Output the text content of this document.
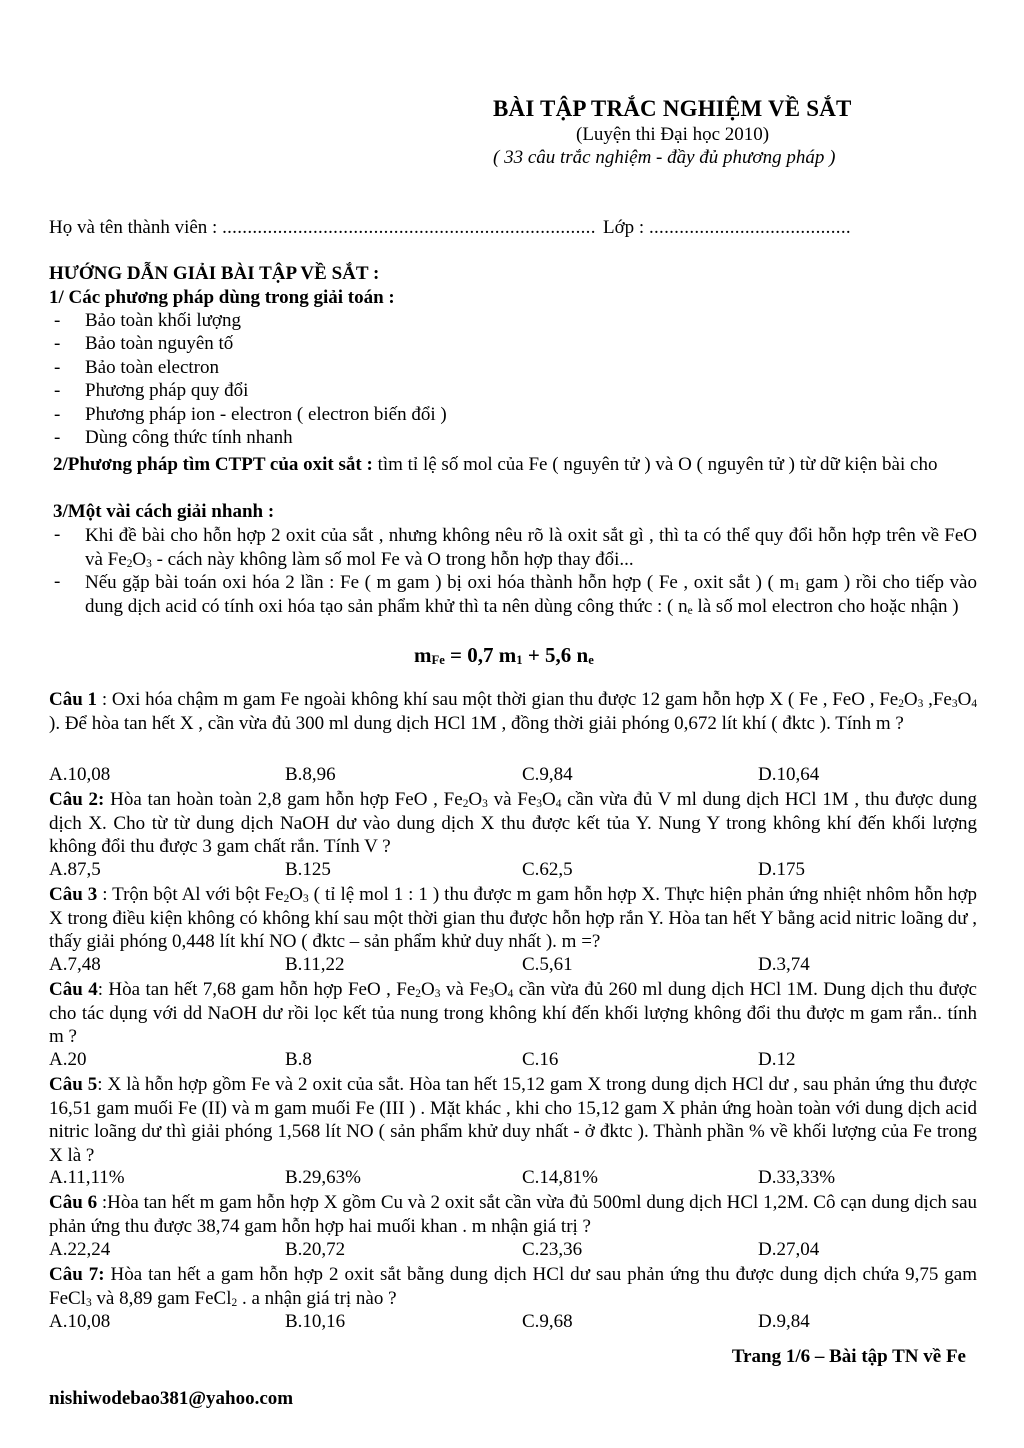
BÀI TẬP TRẮC NGHIỆM VỀ SẮT
(Luyện thi Đại học 2010)
( 33 câu trắc nghiệm - đầy đủ phương pháp )
Họ và tên thành viên : .......................................................................... Lớp : ........................................
HƯỚNG DẪN GIẢI BÀI TẬP VỀ SẮT :
1/ Các phương pháp dùng trong giải toán :
- Bảo toàn khối lượng
- Bảo toàn nguyên tố
- Bảo toàn electron
- Phương pháp quy đổi
- Phương pháp ion - electron ( electron biến đổi )
- Dùng công thức tính nhanh
2/Phương pháp tìm CTPT của oxit sắt : tìm tỉ lệ số mol của Fe ( nguyên tử ) và O ( nguyên tử ) từ dữ kiện bài cho
3/Một vài cách giải nhanh :
- Khi đề bài cho hỗn hợp 2 oxit của sắt , nhưng không nêu rõ là oxit sắt gì , thì ta có thể quy đổi hỗn hợp trên về FeO và $Fe_2O_3$ - cách này không làm số mol Fe và O trong hỗn hợp thay đổi...
- Nếu gặp bài toán oxi hóa 2 lần : Fe ( m gam ) bị oxi hóa thành hỗn hợp ( Fe , oxit sắt ) ( $m_1$ gam ) rồi cho tiếp vào dung dịch acid có tính oxi hóa tạo sản phẩm khử thì ta nên dùng công thức : ( $n_e$ là số mol electron cho hoặc nhận )
$m_{Fe} = 0,7$ $m_1 + 5,6$ $n_e$
Câu 1 : Oxi hóa chậm m gam Fe ngoài không khí sau một thời gian thu được 12 gam hỗn hợp X ( Fe , FeO , $Fe_2O_3$ $,Fe_3O_4$ ). Để hòa tan hết X , cần vừa đủ 300 ml dung dịch HCl 1M , đồng thời giải phóng 0,672 lít khí ( đktc ). Tính m ?
A.10,08	B.8,96	C.9,84	D.10,64
Câu 2: Hòa tan hoàn toàn 2,8 gam hỗn hợp FeO , $Fe_2O_3$ và $Fe_3O_4$ cần vừa đủ V ml dung dịch HCl 1M , thu được dung dịch X. Cho từ từ dung dịch NaOH dư vào dung dịch X thu được kết tủa Y. Nung Y trong không khí đến khối lượng không đổi thu được 3 gam chất rắn. Tính V ?
A.87,5	B.125	C.62,5	D.175
Câu 3 : Trộn bột Al với bột $Fe_2O_3$ ( tỉ lệ mol 1 : 1 ) thu được m gam hỗn hợp X. Thực hiện phản ứng nhiệt nhôm hỗn hợp X trong điều kiện không có không khí sau một thời gian thu được hỗn hợp rắn Y. Hòa tan hết Y bằng acid nitric loãng dư , thấy giải phóng 0,448 lít khí NO ( đktc – sản phẩm khử duy nhất ). m =?
A.7,48	B.11,22	C.5,61	D.3,74
Câu 4: Hòa tan hết 7,68 gam hỗn hợp FeO , $Fe_2O_3$ và $Fe_3O_4$ cần vừa đủ 260 ml dung dịch HCl 1M. Dung dịch thu được cho tác dụng với dd NaOH dư rồi lọc kết tủa nung trong không khí đến khối lượng không đổi thu được m gam rắn.. tính m ?
A.20	B.8	C.16	D.12
Câu 5: X là hỗn hợp gồm Fe và 2 oxit của sắt. Hòa tan hết 15,12 gam X trong dung dịch HCl dư , sau phản ứng thu được 16,51 gam muối Fe (II) và m gam muối Fe (III ) . Mặt khác , khi cho 15,12 gam X phản ứng hoàn toàn với dung dịch acid nitric loãng dư thì giải phóng 1,568 lít NO ( sản phẩm khử duy nhất - ở đktc ). Thành phần % về khối lượng của Fe trong X là ?
A.11,11%	B.29,63%	C.14,81%	D.33,33%
Câu 6 :Hòa tan hết m gam hỗn hợp X gồm Cu và 2 oxit sắt cần vừa đủ 500ml dung dịch HCl 1,2M. Cô cạn dung dịch sau phản ứng thu được 38,74 gam hỗn hợp hai muối khan . m nhận giá trị ?
A.22,24	B.20,72	C.23,36	D.27,04
Câu 7: Hòa tan hết a gam hỗn hợp 2 oxit sắt bằng dung dịch HCl dư sau phản ứng thu được dung dịch chứa 9,75 gam FeCl$_3$ và 8,89 gam FeCl$_2$ . a nhận giá trị nào ?
A.10,08	B.10,16	C.9,68	D.9,84
Trang 1/6 – Bài tập TN về Fe
nishiwodebao381@yahoo.com
